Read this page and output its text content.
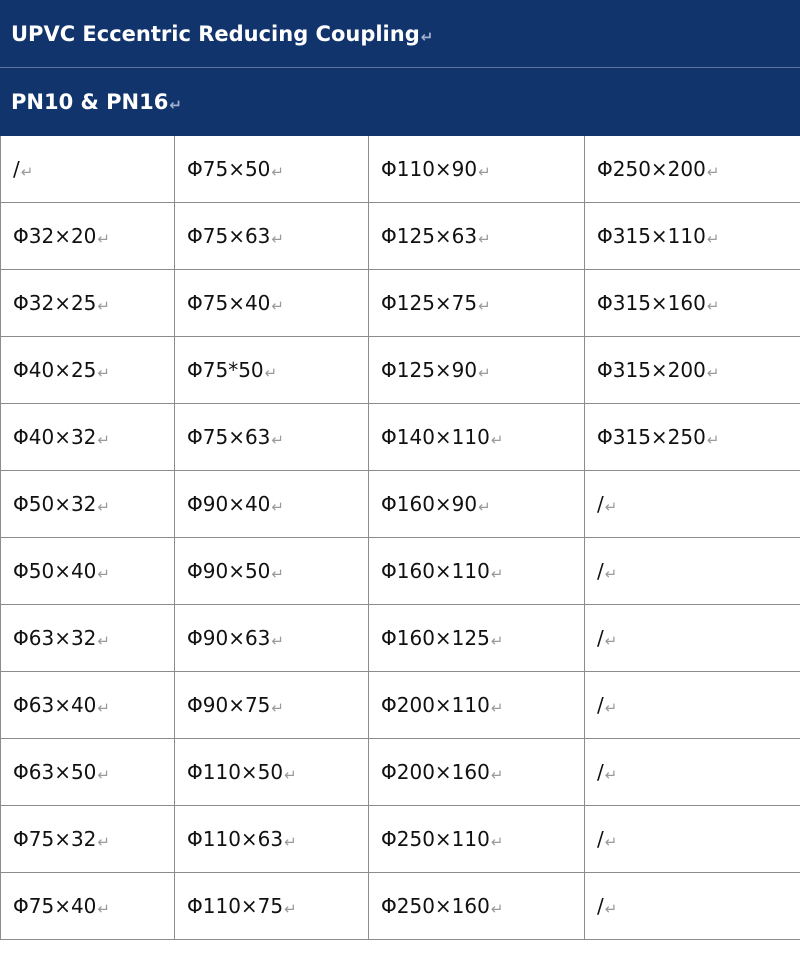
UPVC Eccentric Reducing Coupling↵			
PN10 & PN16↵			
/↵	Φ75×50↵	Φ110×90↵	Φ250×200↵
Φ32×20↵	Φ75×63↵	Φ125×63↵	Φ315×110↵
Φ32×25↵	Φ75×40↵	Φ125×75↵	Φ315×160↵
Φ40×25↵	Φ75*50↵	Φ125×90↵	Φ315×200↵
Φ40×32↵	Φ75×63↵	Φ140×110↵	Φ315×250↵
Φ50×32↵	Φ90×40↵	Φ160×90↵	/↵
Φ50×40↵	Φ90×50↵	Φ160×110↵	/↵
Φ63×32↵	Φ90×63↵	Φ160×125↵	/↵
Φ63×40↵	Φ90×75↵	Φ200×110↵	/↵
Φ63×50↵	Φ110×50↵	Φ200×160↵	/↵
Φ75×32↵	Φ110×63↵	Φ250×110↵	/↵
Φ75×40↵	Φ110×75↵	Φ250×160↵	/↵
